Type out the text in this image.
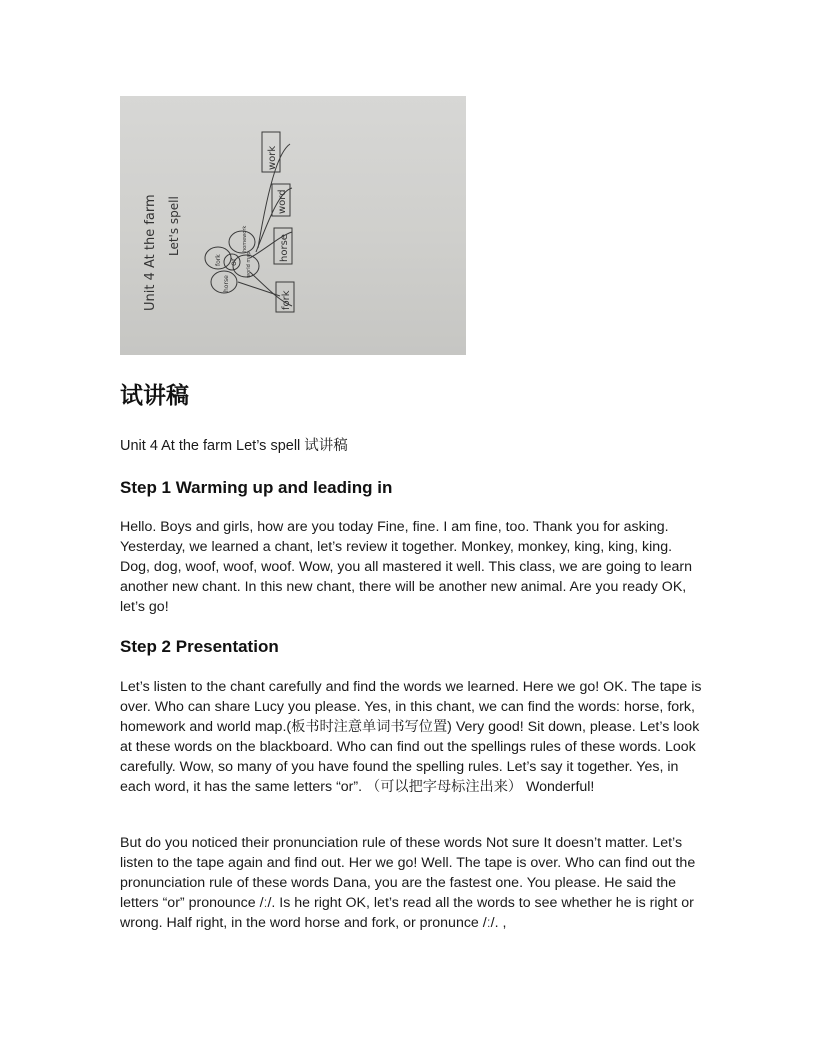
Unit 4 At the farm Let's spell
work
word
horse
fork
or
fork
horse
world map
homework
试讲稿

Unit 4 At the farm Let’s spell 试讲稿

Step 1 Warming up and leading in

Hello. Boys and girls, how are you today Fine, fine. I am fine, too. Thank you for asking. Yesterday, we learned a chant, let’s review it together. Monkey, monkey, king, king, king. Dog, dog, woof, woof, woof. Wow, you all mastered it well. This class, we are going to learn another new chant. In this new chant, there will be another new animal. Are you ready OK, let’s go!

Step 2 Presentation

Let’s listen to the chant carefully and find the words we learned. Here we go! OK. The tape is over. Who can share Lucy you please. Yes, in this chant, we can find the words: horse, fork, homework and world map.(板书时注意单词书写位置) Very good! Sit down, please. Let’s look at these words on the blackboard. Who can find out the spellings rules of these words. Look carefully. Wow, so many of you have found the spelling rules. Let’s say it together. Yes, in each word, it has the same letters “or”. （可以把字母标注出来） Wonderful!

But do you noticed their pronunciation rule of these words Not sure It doesn’t matter. Let’s listen to the tape again and find out. Her we go! Well. The tape is over. Who can find out the pronunciation rule of these words Dana, you are the fastest one. You please. He said the letters “or” pronounce /ː/. Is he right OK, let’s read all the words to see whether he is right or wrong. Half right, in the word horse and fork, or pronunce /ː/. ,
